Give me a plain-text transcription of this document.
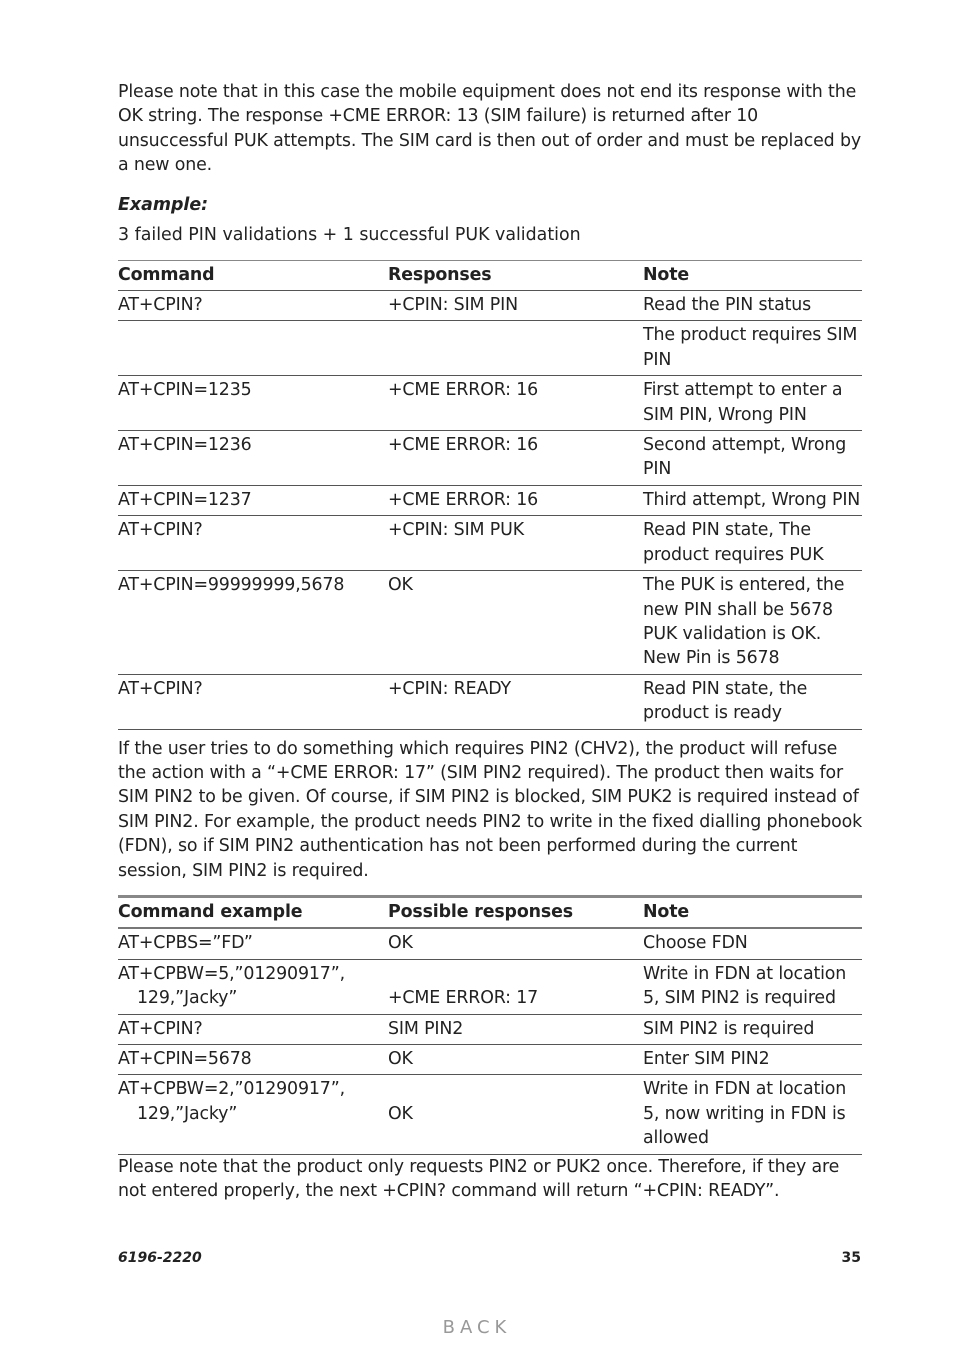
Please note that in this case the mobile equipment does not end its response with the OK string. The response +CME ERROR: 13 (SIM failure) is returned after 10 unsuccessful PUK attempts. The SIM card is then out of order and must be replaced by a new one.

Example:
3 failed PIN validations + 1 successful PUK validation
Command	Responses	Note
AT+CPIN?	+CPIN: SIM PIN	Read the PIN status
		The product requires SIM PIN
AT+CPIN=1235	+CME ERROR: 16	First attempt to enter a SIM PIN, Wrong PIN
AT+CPIN=1236	+CME ERROR: 16	Second attempt, Wrong PIN
AT+CPIN=1237	+CME ERROR: 16	Third attempt, Wrong PIN
AT+CPIN?	+CPIN: SIM PUK	Read PIN state, The product requires PUK
AT+CPIN=99999999,5678	OK	The PUK is entered, the new PIN shall be 5678 PUK validation is OK. New Pin is 5678
AT+CPIN?	+CPIN: READY	Read PIN state, the product is ready

If the user tries to do something which requires PIN2 (CHV2), the product will refuse the action with a “+CME ERROR: 17” (SIM PIN2 required). The product then waits for SIM PIN2 to be given. Of course, if SIM PIN2 is blocked, SIM PUK2 is required instead of SIM PIN2. For example, the product needs PIN2 to write in the fixed dialling phonebook (FDN), so if SIM PIN2 authentication has not been performed during the current session, SIM PIN2 is required.

Command example	Possible responses	Note
AT+CPBS=”FD”	OK	Choose FDN
AT+CPBW=5,”01290917”,
129,”Jacky”	+CME ERROR: 17	Write in FDN at location 5, SIM PIN2 is required
AT+CPIN?	SIM PIN2	SIM PIN2 is required
AT+CPIN=5678	OK	Enter SIM PIN2
AT+CPBW=2,”01290917”,
129,”Jacky”	OK	Write in FDN at location 5, now writing in FDN is allowed

Please note that the product only requests PIN2 or PUK2 once. Therefore, if they are not entered properly, the next +CPIN? command will return “+CPIN: READY”.

6196-2220	35
BACK
